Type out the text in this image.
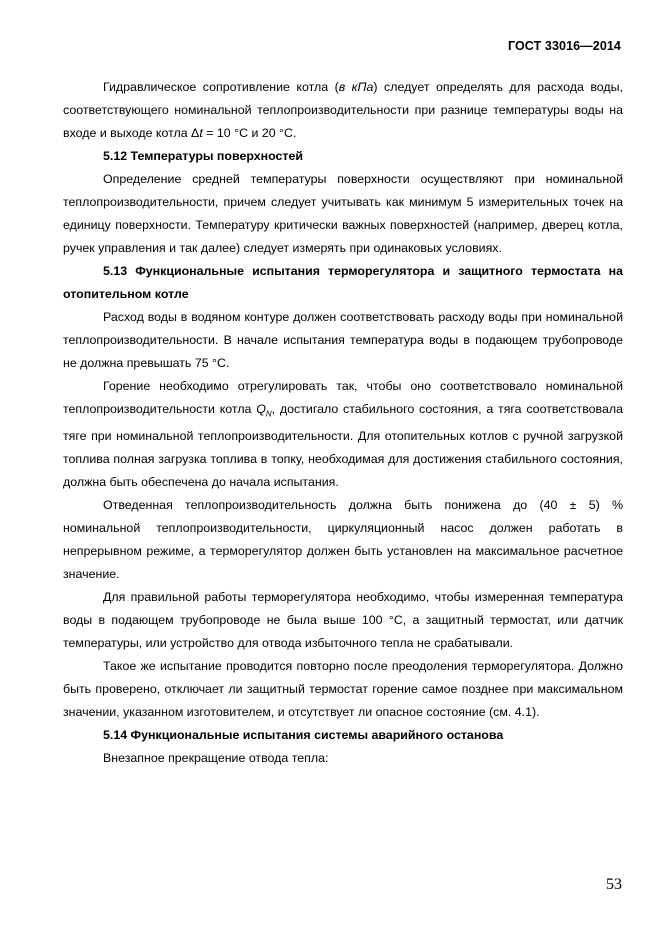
ГОСТ 33016—2014

Гидравлическое сопротивление котла (в кПа) следует определять для расхода воды, соответствующего номинальной теплопроизводительности при разнице температуры воды на входе и выходе котла Δt = 10 °С и 20 °С.

5.12 Температуры поверхностей

Определение средней температуры поверхности осуществляют при номинальной теплопроизводительности, причем следует учитывать как минимум 5 измерительных точек на единицу поверхности. Температуру критически важных поверхностей (например, дверец котла, ручек управления и так далее) следует измерять при одинаковых условиях.

5.13 Функциональные испытания терморегулятора и защитного термостата на отопительном котле

Расход воды в водяном контуре должен соответствовать расходу воды при номинальной теплопроизводительности. В начале испытания температура воды в подающем трубопроводе не должна превышать 75 °С.

Горение необходимо отрегулировать так, чтобы оно соответствовало номинальной теплопроизводительности котла $Q_N$, достигало стабильного состояния, а тяга соответствовала тяге при номинальной теплопроизводительности. Для отопительных котлов с ручной загрузкой топлива полная загрузка топлива в топку, необходимая для достижения стабильного состояния, должна быть обеспечена до начала испытания.

Отведенная теплопроизводительность должна быть понижена до (40 ± 5) % номинальной теплопроизводительности, циркуляционный насос должен работать в непрерывном режиме, а терморегулятор должен быть установлен на максимальное расчетное значение.

Для правильной работы терморегулятора необходимо, чтобы измеренная температура воды в подающем трубопроводе не была выше 100 °С, а защитный термостат, или датчик температуры, или устройство для отвода избыточного тепла не срабатывали.

Такое же испытание проводится повторно после преодоления терморегулятора. Должно быть проверено, отключает ли защитный термостат горение самое позднее при максимальном значении, указанном изготовителем, и отсутствует ли опасное состояние (см. 4.1).

5.14 Функциональные испытания системы аварийного останова

Внезапное прекращение отвода тепла:

53
